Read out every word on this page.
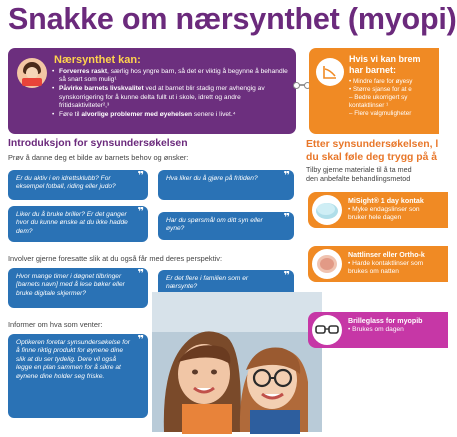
Snakke om nærsynthet (myopi)
Nærsynthet kan:
• Forverres raskt, særlig hos yngre barn, så det er viktig å begynne å behandle så snart som mulig¹
• Påvirke barnets livskvalitet ved at barnet blir stadig mer avhengig av synskorrigering for å kunne delta fullt ut i skole, idrett og andre fritidsaktiviteter²,³
• Føre til alvorlige problemer med øyehelsen senere i livet.⁴
Hvis vi kan brem
har barnet:
• Mindre fare for øyesy
• Større sjanse for at e
– Bedre ukorrigert sy
kontaktlinser ¹
– Flere valgmuligheter
Introduksjon for synsundersøkelsen
Prøv å danne deg et bilde av barnets behov og ønsker:
Er du aktiv i en idrettsklubb? For eksempel fotball, riding eller judo?
❞	Hva liker du å gjøre på fritiden? ❞
Liker du å bruke briller? Er det ganger hvor du kunne ønske at du ikke hadde dem?
❞
Har du spørsmål om ditt syn eller øyne?
❞
Involver gjerne foresatte slik at du også får med deres perspektiv:
Hvor mange timer i døgnet tilbringer [barnets navn] med å lese bøker eller bruke digitale skjermer?
❞	Er det flere i familien som er nærsynte?
❞
Informer om hva som venter:
Optikeren foretar synsundersøkelse for å finne riktig produkt for øynene dine slik at du ser tydelig. Dere vil også legge en plan sammen for å sikre at øynene dine holder seg friske.
❞
Etter synsundersøkelsen, l
du skal føle deg trygg på å
Tilby gjerne materiale til å ta med
den anbefalte behandlingsmetod
MiSight® 1 day kontak
• Myke endagslinser son
bruker hele dagen
Nattlinser eller Ortho-k
• Harde kontaktlinser som
brukes om natten
Brilleglass for myopib
• Brukes om dagen
